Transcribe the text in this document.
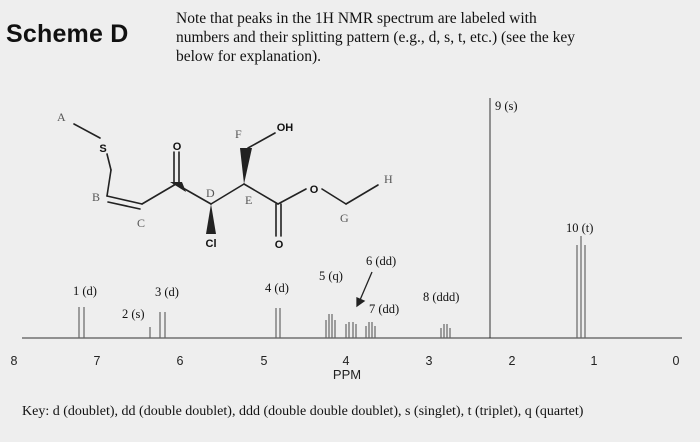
Scheme D
Note that peaks in the 1H NMR spectrum are labeled with
numbers and their splitting pattern (e.g., d, s, t, etc.) (see the key
below for explanation).
8	7	6	5	4	3	2	1	0
PPM
1 (d)
2 (s)
3 (d)	4 (d)
5 (q)
6 (dd)
7 (dd)
8 (ddd)
9 (s)
10 (t)
S	O
OH
O
O
Cl
A
B
C
D	E
F
G
H
Key: d (doublet), dd (double doublet), ddd (double double doublet), s (singlet), t (triplet), q (quartet)
